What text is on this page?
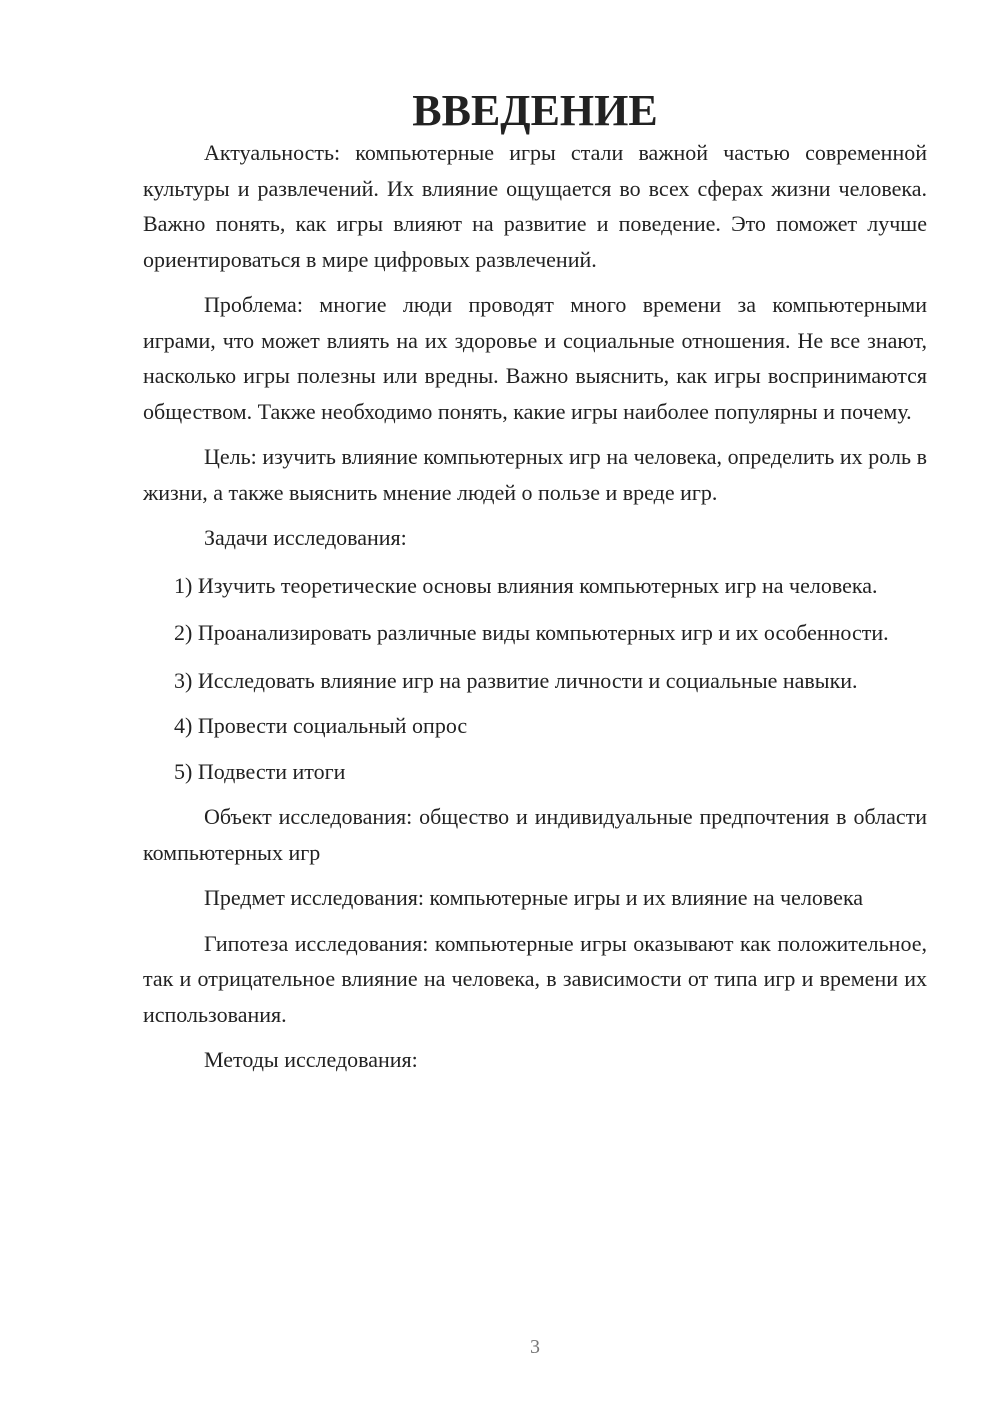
ВВЕДЕНИЕ

Актуальность: компьютерные игры стали важной частью современной культуры и развлечений. Их влияние ощущается во всех сферах жизни человека. Важно понять, как игры влияют на развитие и поведение. Это поможет лучше ориентироваться в мире цифровых развлечений.

Проблема: многие люди проводят много времени за компьютерными играми, что может влиять на их здоровье и социальные отношения. Не все знают, насколько игры полезны или вредны. Важно выяснить, как игры воспринимаются обществом. Также необходимо понять, какие игры наиболее популярны и почему.

Цель: изучить влияние компьютерных игр на человека, определить их роль в жизни, а также выяснить мнение людей о пользе и вреде игр.

Задачи исследования:

1) Изучить теоретические основы влияния компьютерных игр на человека.

2) Проанализировать различные виды компьютерных игр и их особенности.

3) Исследовать влияние игр на развитие личности и социальные навыки.

4) Провести социальный опрос

5) Подвести итоги

Объект исследования: общество и индивидуальные предпочтения в области компьютерных игр

Предмет исследования: компьютерные игры и их влияние на человека

Гипотеза исследования: компьютерные игры оказывают как положительное, так и отрицательное влияние на человека, в зависимости от типа игр и времени их использования.

Методы исследования:

3
